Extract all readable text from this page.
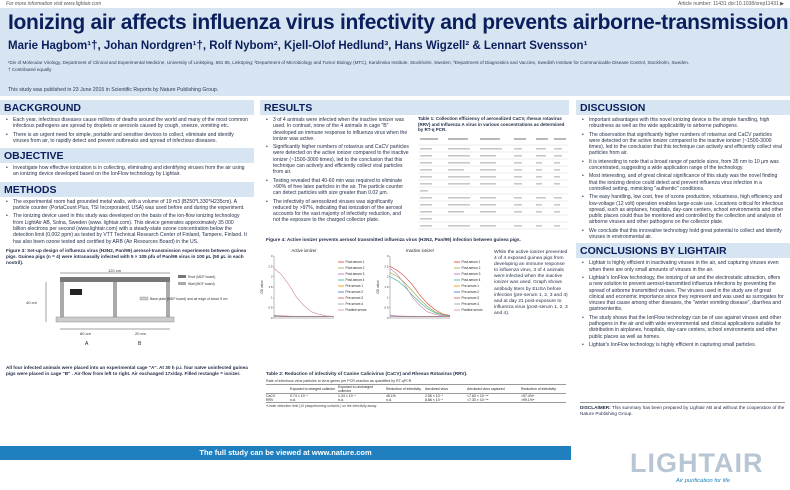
For more information visit www.lightair.com	Article number: 11431 doi:10.1038/srep11431 ▶
Ionizing air affects influenza virus infectivity and prevents airborne-transmission
Marie Hagbom¹†, Johan Nordgren¹†, Rolf Nybom², Kjell-Olof Hedlund³, Hans Wigzell² & Lennart Svensson¹
¹Div of Molecular Virology, Department of Clinical and Experimental Medicine, University of Linköping, 581 85, Linköping; ²Department of Microbiology and Tumor Biology (MTC), Karolinska Institute, Stockholm, Sweden; ³Department of Diagnostics and Vaccine, Swedish Institute for Communicable Disease Control, Stockholm, Sweden.
† Contributed equally
This study was published in 23 June 2015 in Scientific Reports by Nature Publishing Group.
BACKGROUND
• Each year, infectious diseases cause millions of deaths around the world and many of the most common infectious pathogens are spread by droplets or aerosols caused by cough, sneeze, vomiting etc.
• There is an urgent need for simple, portable and sensitive devices to collect, eliminate and identify viruses from air, to rapidly detect and prevent outbreaks and spread of infectious diseases.
OBJECTIVE
• Investigate how effective ionization is in collecting, eliminating and identifying viruses from the air using an ionizing device developed based on the IonFlow technology by Lightair.
METHODS
• The experimental room had grounded metal walls, with a volume of 19 m3 (B250*L330*H235cm). A particle counter (PortaCount Plus, TSI Incorporated, USA) was used before and during the experiment.
• The ionizing device used in this study was developed on the basis of the ion-flow ionizing technology from LightAir AB, Solna, Sweden (www. lightair.com). This device generates approximately 35 000 billion electrons per second (www.lightair.com) with a steady-state ozone concentration below the detection limit (0,002 ppm) as tested by VTT Technical Research Center of Finland, Tampere, Finland. It has also been ozone tested and certified by ARB (Air Resources Board) in the US.
Figure 3: Set-up design of influenza virus (H3N2, Pan/99) aerosol-transmission experiments between guinea pigs. Guinea pigs (n = 4) were intranasally infected with 5 × 105 pfu of Pan/99 virus in 100 µL (50 µL in each nostril).
120 cm
40 cm
80 cm	20 cm
Roof (MDF board)
Wall (MDF board)
Base plate (MDF board) and air edge of about 5 cm
A	B
All four infected animals were placed into an experimental cage "A". At 30 h p.i. four naïve uninfected guinea pigs were placed in cage "B" . Air-flow from left to right. Air exchanged 17x/day. Filled rectangle = ionizer.
RESULTS
• 3 of 4 animals were infected when the inactive ionizer was used. In contrast, none of the 4 animals in cage "B" developed an immune response to influenza virus when the ionizer was active.
• Significantly higher numbers of rotavirus and CaCV particles were detected on the active ionizer compared to the inactive ionizer (~1500-3000 times), led to the conclusion that this technique can actively and efficiently collect viral particles from air.
• Testing revealed that 40-60 min was required to eliminate >90% of free latex particles in the air. The particle counter can detect particles with size greater than 0.02 µm.
• The infectivity of aerosolized viruses was significantly reduced by >97%, indicating that ionization of the aerosol accounts for the vast majority of infectivity reduction, and not the exposure to the charged collector plate.
Table 1: Collection efficiency of aerosolized CaCV, rhesus rotavirus (RRV) and Influenza A virus in various concentrations as determined by RT-q PCR.
Figure 4: Active ionizer prevents aerosol transmitted influenza virus (H3N2, Pan/99) infection between guinea pigs.
Active ionizer
OD value
0
0.5
1
1.5
2
2.5
3
Post-serum 1
Post-serum 2
Post-serum 3
Post-serum 4
Pre-serum 1
Pre-serum 2
Pre-serum 3
Pre-serum 4
Positive serum
Inactive ionizer
OD value
0
0.5
1
1.5
2
2.5
3
Post-serum 1
Post-serum 2
Post-serum 3
Post-serum 4
Pre-serum 1
Pre-serum 2
Pre-serum 3
Pre-serum 4
Positive serum
While the active ionizer prevented 4 of 4 exposed guinea pigs from developing an immune response to influenza virus, 3 of 4 animals were infected when the inactive ionizer was used. Graph shows antibody titers by ELISA before infection (pre-serum 1, 2, 3 and 4) and at day 21 post-exposure to influenza virus (post-serum 1, 2, 3 and 4).
Table 2: Reduction of infectivity of Canine Calicivirus (CaCV) and Rhesus Rotavirus (RRV).
Rate of infectious virus particles to virus genes per PCR-reaction as quantified by RT-qPCR
	Exposed to charged collector	Exposed to uncharged collector	Reduction of infectivity	Aerolized virus	Aerolized virus captured	Reduction of infectivity
CaCV	0.74 × 10⁻⁴	1.34 × 10⁻⁴	45.1%	2.56 × 10⁻⁴	<7.63 × 10⁻⁶ᵃ	>97.4%ᵃ
RRV	n.d.	n.d.	n.d.	8.86 × 10⁻⁴	<7.33 × 10⁻⁶ᵃ	>99.1%ᵃ
ᵃUnder detection limit (10 plaqueforming units/mL) on the infectivity assay.
DISCUSSION
• Important advantages with this novel ionizing device is the simple handling, high robustness as well as the wide applicability to airborne pathogens.
• The observation that significantly higher numbers of rotavirus and CaCV particles were detected on the active ionizer compared to the inactive ionizer (~1500-3000 times), led to the conclusion that this technique can actively and efficiently collect viral particles from air.
• It is interesting to note that a broad range of particle sizes, from 35 nm to 10 µm was concentrated, suggesting a wide application range of the technology.
• Most interesting, and of great clinical significance of this study was the novel finding that the ionizing device could detect and prevent influenza virus infection in a controlled setting, mimicking "authentic" conditions.
• The easy handling, low cost, free of ozone production, robustness, high efficiency and low-voltage (12 volt) operation enables large-scale use. Locations critical for infectious spread, such as airplanes, hospitals, day-care centers, school environments and other public places could thus be monitored and controlled by the collection and analysis of airborne viruses and other pathogens on the collector plate.
• We conclude that this innovative technology hold great potential to collect and identify viruses in environmental air.
CONCLUSIONS BY LIGHTAIR
• Lightair is highly efficient in inactivating viruses in the air, and capturing viruses even when there are only small amounts of viruses in the air.
• Lightair's IonFlow technology, the ionizing of air and the electrostatic attraction, offers a new solution to prevent aerosol-transmitted influenza infections by preventing the spread of airborne transmitted viruses. The viruses used in the study are of great clinical and economic importance since they represent and was used as surrogates for viruses that cause among other diseases, the "winter vomiting disease", diarrhea and gastroenteritis.
• The study shows that the IonFlow technology can be of use against viruses and other pathogens in the air and with wide environmental and clinical applications suitable for distribution in airplanes, hospitals, day-care centers, school environments and other public places as well as homes.
• Lightair's IonFlow technology is highly efficient in capturing small particles.
DISCLAIMER: This summary has been prepared by Lightair AB and without the cooperation of the Nature Publishing Group.
The full study can be viewed at www.nature.com	LIGHTAIR
Air purification for life
